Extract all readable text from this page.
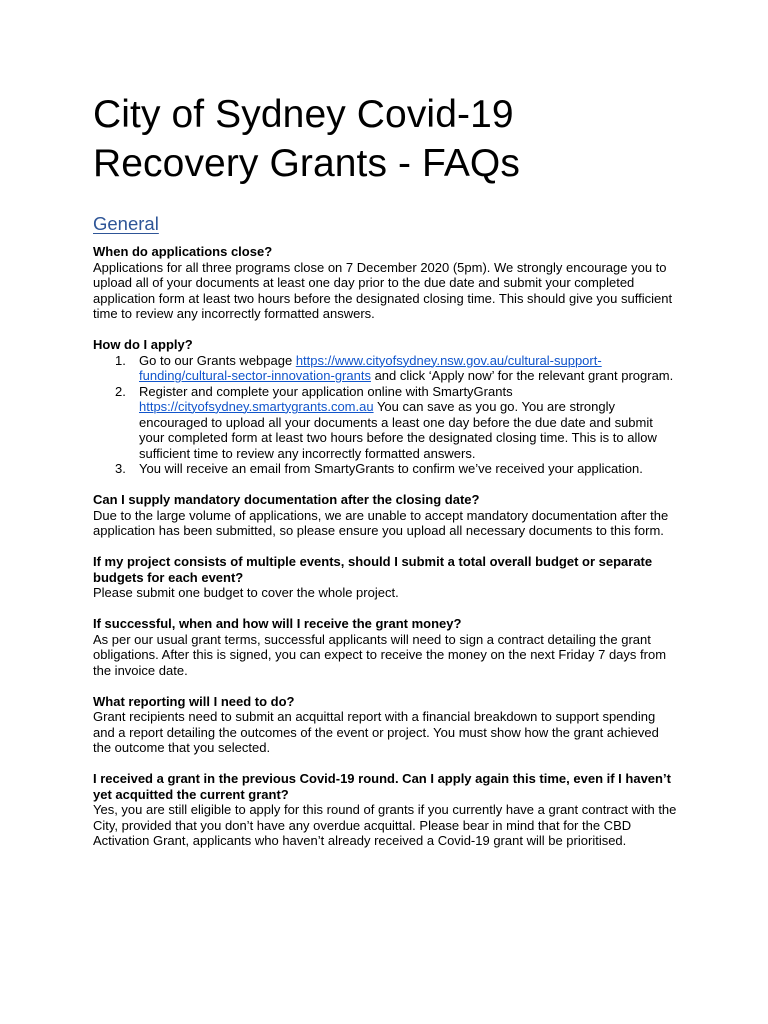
City of Sydney Covid-19
Recovery Grants - FAQs
General

When do applications close?

Applications for all three programs close on 7 December 2020 (5pm). We strongly encourage you to upload all of your documents at least one day prior to the due date and submit your completed application form at least two hours before the designated closing time. This should give you sufficient time to review any incorrectly formatted answers.

How do I apply?

1. Go to our Grants webpage https://www.cityofsydney.nsw.gov.au/cultural-support-funding/cultural-sector-innovation-grants and click ‘Apply now’ for the relevant grant program.
2. Register and complete your application online with SmartyGrants https://cityofsydney.smartygrants.com.au You can save as you go. You are strongly encouraged to upload all your documents a least one day before the due date and submit your completed form at least two hours before the designated closing time. This is to allow sufficient time to review any incorrectly formatted answers.
3. You will receive an email from SmartyGrants to confirm we’ve received your application.

Can I supply mandatory documentation after the closing date?

Due to the large volume of applications, we are unable to accept mandatory documentation after the application has been submitted, so please ensure you upload all necessary documents to this form.

If my project consists of multiple events, should I submit a total overall budget or separate budgets for each event?

Please submit one budget to cover the whole project.

If successful, when and how will I receive the grant money?

As per our usual grant terms, successful applicants will need to sign a contract detailing the grant obligations. After this is signed, you can expect to receive the money on the next Friday 7 days from the invoice date.

What reporting will I need to do?

Grant recipients need to submit an acquittal report with a financial breakdown to support spending and a report detailing the outcomes of the event or project. You must show how the grant achieved the outcome that you selected.

I received a grant in the previous Covid-19 round. Can I apply again this time, even if I haven’t yet acquitted the current grant?

Yes, you are still eligible to apply for this round of grants if you currently have a grant contract with the City, provided that you don’t have any overdue acquittal. Please bear in mind that for the CBD Activation Grant, applicants who haven’t already received a Covid-19 grant will be prioritised.
